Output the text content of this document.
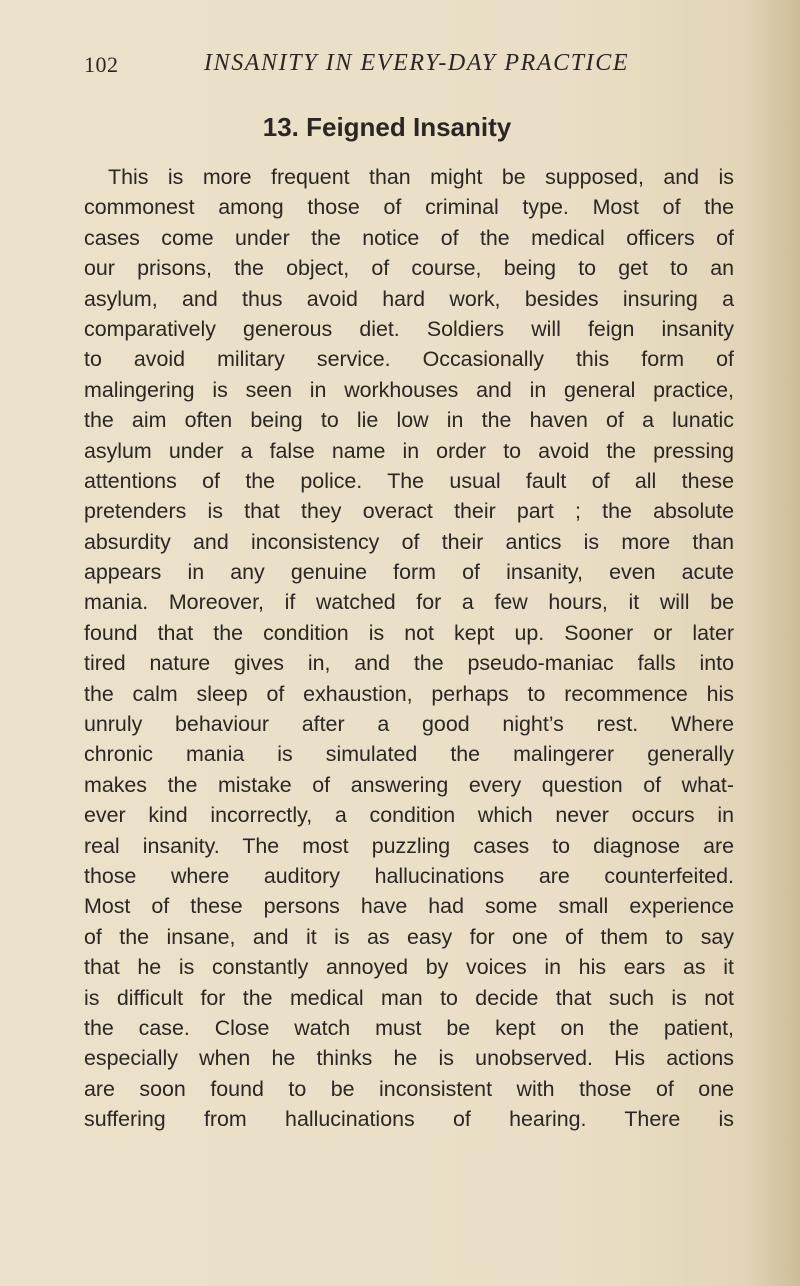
102	INSANITY IN EVERY-DAY PRACTICE
13. Feigned Insanity

This is more frequent than might be supposed, and is
commonest among those of criminal type. Most of the
cases come under the notice of the medical officers of
our prisons, the object, of course, being to get to an
asylum, and thus avoid hard work, besides insuring a
comparatively generous diet. Soldiers will feign insanity
to avoid military service. Occasionally this form of
malingering is seen in workhouses and in general practice,
the aim often being to lie low in the haven of a lunatic
asylum under a false name in order to avoid the pressing
attentions of the police. The usual fault of all these
pretenders is that they overact their part ; the absolute
absurdity and inconsistency of their antics is more than
appears in any genuine form of insanity, even acute
mania. Moreover, if watched for a few hours, it will be
found that the condition is not kept up. Sooner or later
tired nature gives in, and the pseudo-maniac falls into
the calm sleep of exhaustion, perhaps to recommence his
unruly behaviour after a good night’s rest. Where
chronic mania is simulated the malingerer generally
makes the mistake of answering every question of what-
ever kind incorrectly, a condition which never occurs in
real insanity. The most puzzling cases to diagnose are
those where auditory hallucinations are counterfeited.
Most of these persons have had some small experience
of the insane, and it is as easy for one of them to say
that he is constantly annoyed by voices in his ears as it
is difficult for the medical man to decide that such is not
the case. Close watch must be kept on the patient,
especially when he thinks he is unobserved. His actions
are soon found to be inconsistent with those of one
suffering from hallucinations of hearing. There is
